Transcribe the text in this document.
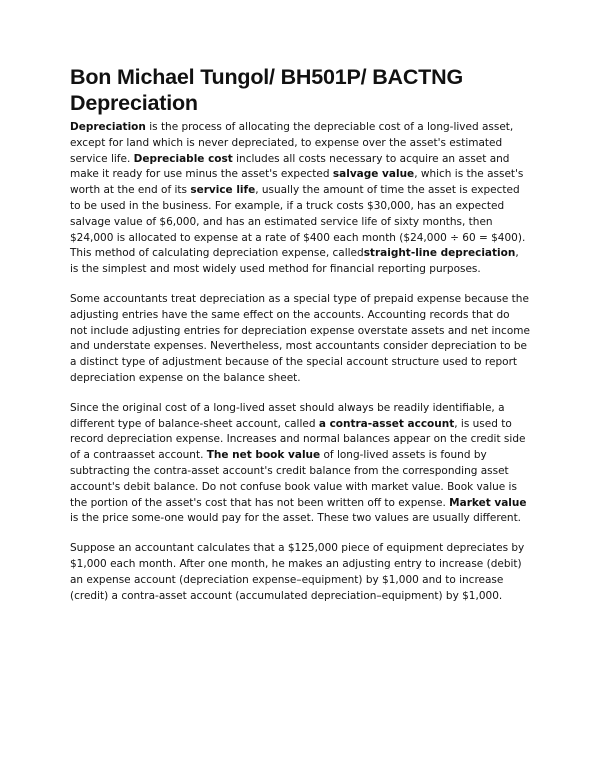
Bon Michael Tungol/ BH501P/ BACTNG
Depreciation

Depreciation is the process of allocating the depreciable cost of a long-lived asset, except for land which is never depreciated, to expense over the asset's estimated service life. Depreciable cost includes all costs necessary to acquire an asset and make it ready for use minus the asset's expected salvage value, which is the asset's worth at the end of its service life, usually the amount of time the asset is expected to be used in the business. For example, if a truck costs $30,000, has an expected salvage value of $6,000, and has an estimated service life of sixty months, then $24,000 is allocated to expense at a rate of $400 each month ($24,000 ÷ 60 = $400). This method of calculating depreciation expense, calledstraight-line depreciation, is the simplest and most widely used method for financial reporting purposes.

Some accountants treat depreciation as a special type of prepaid expense because the adjusting entries have the same effect on the accounts. Accounting records that do not include adjusting entries for depreciation expense overstate assets and net income and understate expenses. Nevertheless, most accountants consider depreciation to be a distinct type of adjustment because of the special account structure used to report depreciation expense on the balance sheet.

Since the original cost of a long-lived asset should always be readily identifiable, a different type of balance-sheet account, called a contra-asset account, is used to record depreciation expense. Increases and normal balances appear on the credit side of a contraasset account. The net book value of long-lived assets is found by subtracting the contra-asset account's credit balance from the corresponding asset account's debit balance. Do not confuse book value with market value. Book value is the portion of the asset's cost that has not been written off to expense. Market value is the price some-one would pay for the asset. These two values are usually different.

Suppose an accountant calculates that a $125,000 piece of equipment depreciates by $1,000 each month. After one month, he makes an adjusting entry to increase (debit) an expense account (depreciation expense–equipment) by $1,000 and to increase (credit) a contra-asset account (accumulated depreciation–equipment) by $1,000.
